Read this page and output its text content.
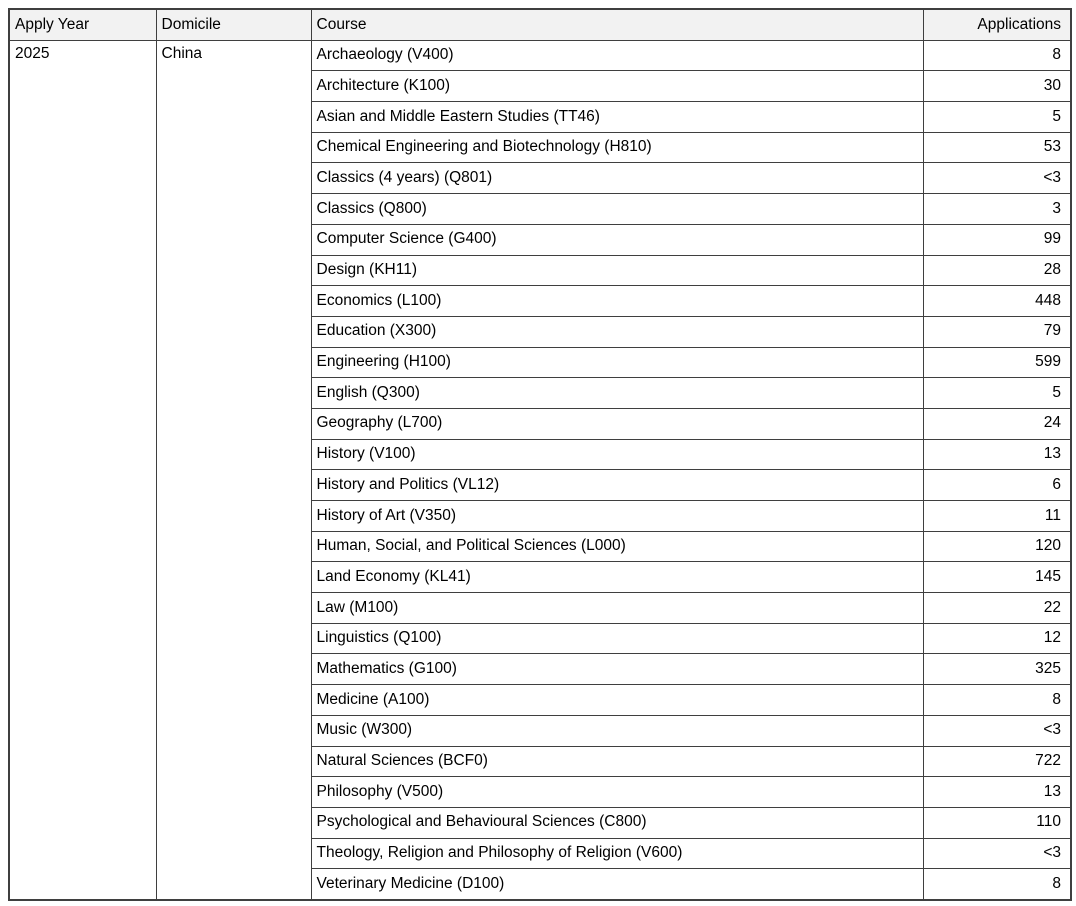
Apply Year	Domicile	Course	Applications
2025	China	Archaeology (V400)	8
		Architecture (K100)	30
		Asian and Middle Eastern Studies (TT46)	5
		Chemical Engineering and Biotechnology (H810)	53
		Classics (4 years) (Q801)	<3
		Classics (Q800)	3
		Computer Science (G400)	99
		Design (KH11)	28
		Economics (L100)	448
		Education (X300)	79
		Engineering (H100)	599
		English (Q300)	5
		Geography (L700)	24
		History (V100)	13
		History and Politics (VL12)	6
		History of Art (V350)	11
		Human, Social, and Political Sciences (L000)	120
		Land Economy (KL41)	145
		Law (M100)	22
		Linguistics (Q100)	12
		Mathematics (G100)	325
		Medicine (A100)	8
		Music (W300)	<3
		Natural Sciences (BCF0)	722
		Philosophy (V500)	13
		Psychological and Behavioural Sciences (C800)	110
		Theology, Religion and Philosophy of Religion (V600)	<3
		Veterinary Medicine (D100)	8
